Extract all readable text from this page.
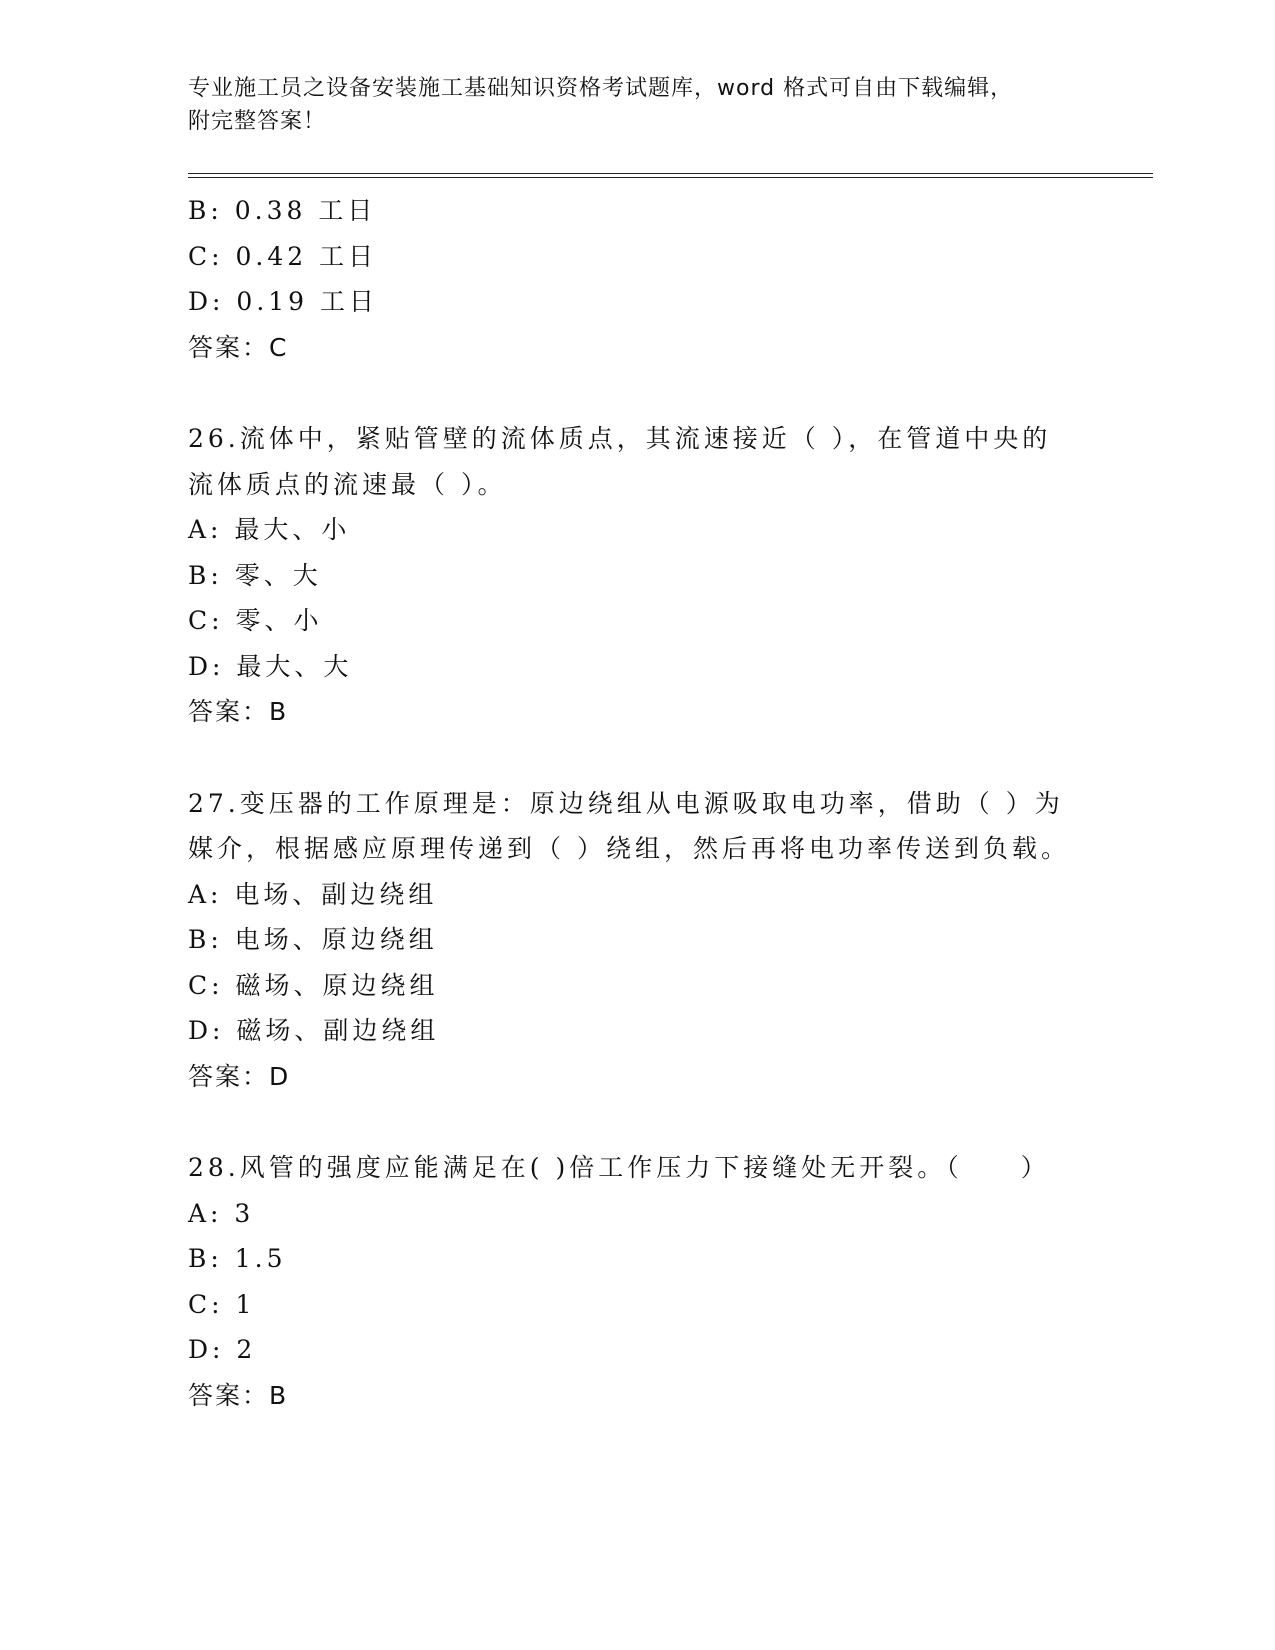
专业施工员之设备安装施工基础知识资格考试题库，word 格式可自由下载编辑，
附完整答案！
B: 0.38 工日
C: 0.42 工日
D: 0.19 工日
答案：C
26.流体中，紧贴管壁的流体质点，其流速接近（ ），在管道中央的
流体质点的流速最（ ）。
A: 最大、小
B: 零、大
C: 零、小
D: 最大、大
答案：B
27.变压器的工作原理是：原边绕组从电源吸取电功率，借助（ ）为
媒介，根据感应原理传递到（ ）绕组，然后再将电功率传送到负载。
A: 电场、副边绕组
B: 电场、原边绕组
C: 磁场、原边绕组
D: 磁场、副边绕组
答案：D
28.风管的强度应能满足在( )倍工作压力下接缝处无开裂。（　　）
A: 3
B: 1.5
C: 1
D: 2
答案：B
